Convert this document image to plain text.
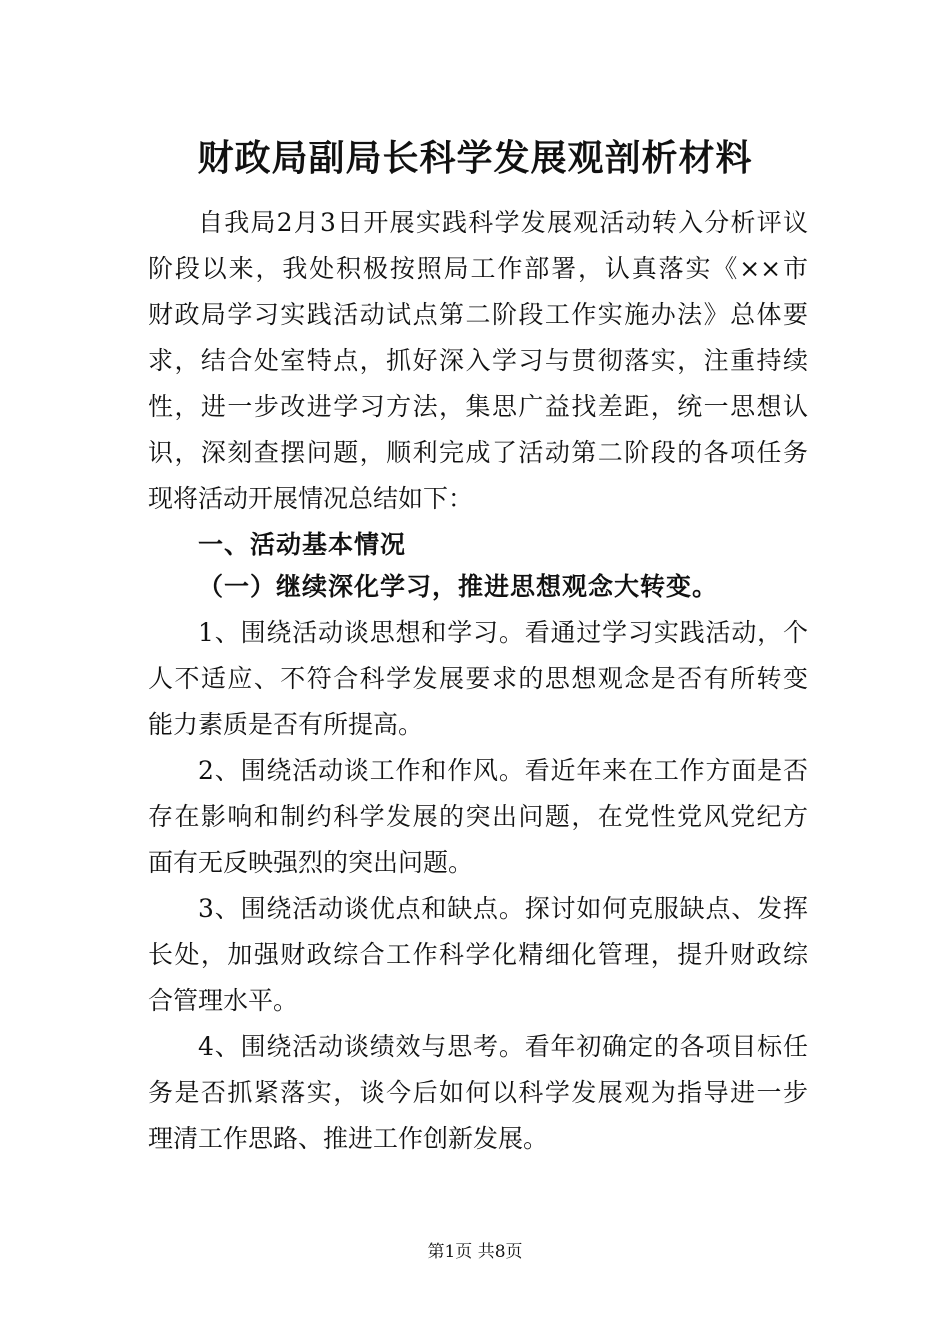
财政局副局长科学发展观剖析材料
自我局2月3日开展实践科学发展观活动转入分析评议
阶段以来，我处积极按照局工作部署，认真落实《××市
财政局学习实践活动试点第二阶段工作实施办法》总体要
求，结合处室特点，抓好深入学习与贯彻落实，注重持续
性，进一步改进学习方法，集思广益找差距，统一思想认
识，深刻查摆问题，顺利完成了活动第二阶段的各项任务
现将活动开展情况总结如下：
一、活动基本情况
（一）继续深化学习，推进思想观念大转变。
1、围绕活动谈思想和学习。看通过学习实践活动，个
人不适应、不符合科学发展要求的思想观念是否有所转变
能力素质是否有所提高。
2、围绕活动谈工作和作风。看近年来在工作方面是否
存在影响和制约科学发展的突出问题，在党性党风党纪方
面有无反映强烈的突出问题。
3、围绕活动谈优点和缺点。探讨如何克服缺点、发挥
长处，加强财政综合工作科学化精细化管理，提升财政综
合管理水平。
4、围绕活动谈绩效与思考。看年初确定的各项目标任
务是否抓紧落实，谈今后如何以科学发展观为指导进一步
理清工作思路、推进工作创新发展。
第1页 共8页
